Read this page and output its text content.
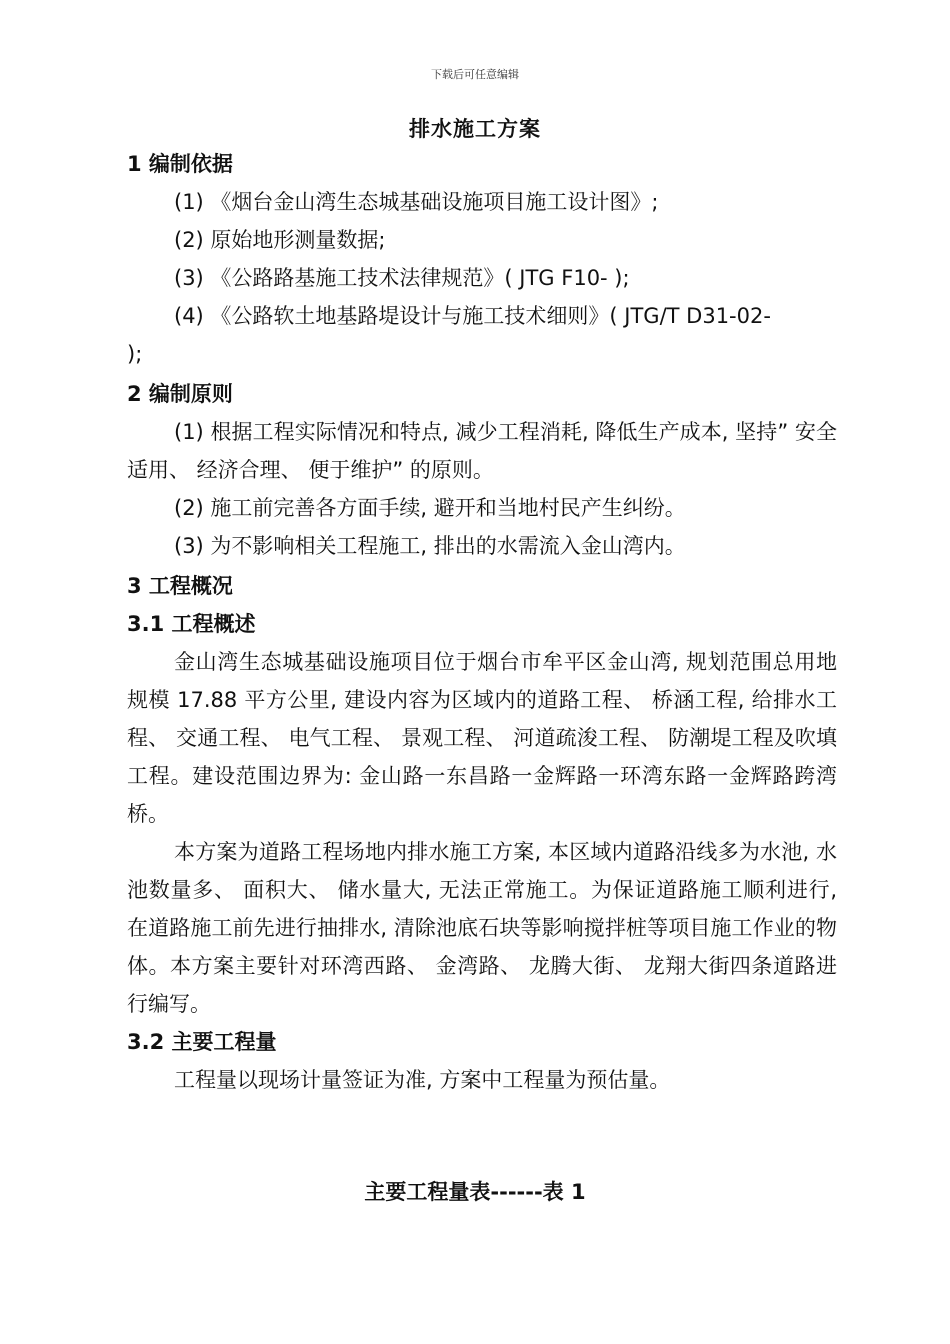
下载后可任意编辑
排水施工方案
1 编制依据
(1) 《烟台金山湾生态城基础设施项目施工设计图》;
(2) 原始地形测量数据;
(3) 《公路路基施工技术法律规范》( JTG F10- );
(4) 《公路软土地基路堤设计与施工技术细则》( JTG/T D31-02-
);
2 编制原则
(1) 根据工程实际情况和特点, 减少工程消耗, 降低生产成本, 坚持” 安全适用、 经济合理、 便于维护” 的原则。
(2) 施工前完善各方面手续, 避开和当地村民产生纠纷。
(3) 为不影响相关工程施工, 排出的水需流入金山湾内。
3 工程概况
3.1 工程概述
金山湾生态城基础设施项目位于烟台市牟平区金山湾, 规划范围总用地规模 17.88 平方公里, 建设内容为区域内的道路工程、 桥涵工程, 给排水工程、 交通工程、 电气工程、 景观工程、 河道疏浚工程、 防潮堤工程及吹填工程。建设范围边界为: 金山路一东昌路一金辉路一环湾东路一金辉路跨湾桥。
本方案为道路工程场地内排水施工方案, 本区域内道路沿线多为水池, 水池数量多、 面积大、 储水量大, 无法正常施工。为保证道路施工顺利进行, 在道路施工前先进行抽排水, 清除池底石块等影响搅拌桩等项目施工作业的物体。本方案主要针对环湾西路、 金湾路、 龙腾大街、 龙翔大街四条道路进行编写。
3.2 主要工程量
工程量以现场计量签证为准, 方案中工程量为预估量。
主要工程量表------表 1
